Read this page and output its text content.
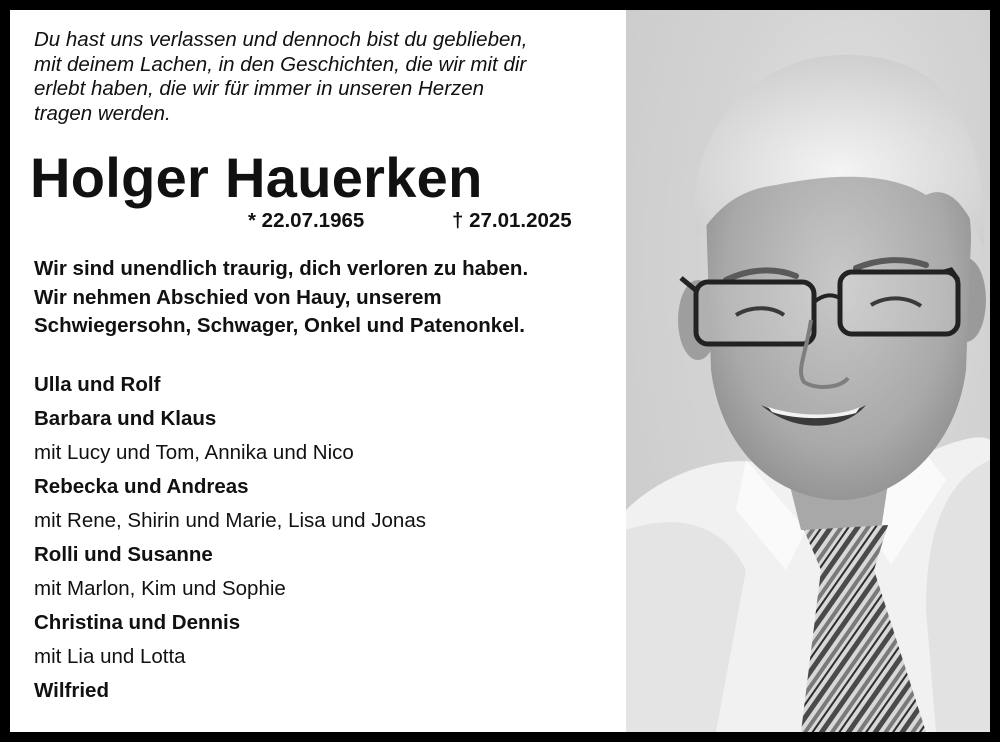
Du hast uns verlassen und dennoch bist du geblieben,
mit deinem Lachen, in den Geschichten, die wir mit dir
erlebt haben, die wir für immer in unseren Herzen
tragen werden.

Holger Hauerken
* 22.07.1965	† 27.01.2025

Wir sind unendlich traurig, dich verloren zu haben.
Wir nehmen Abschied von Hauy, unserem
Schwiegersohn, Schwager, Onkel und Patenonkel.

Ulla und Rolf
Barbara und Klaus
mit Lucy und Tom, Annika und Nico
Rebecka und Andreas
mit Rene, Shirin und Marie, Lisa und Jonas
Rolli und Susanne
mit Marlon, Kim und Sophie
Christina und Dennis
mit Lia und Lotta
Wilfried
